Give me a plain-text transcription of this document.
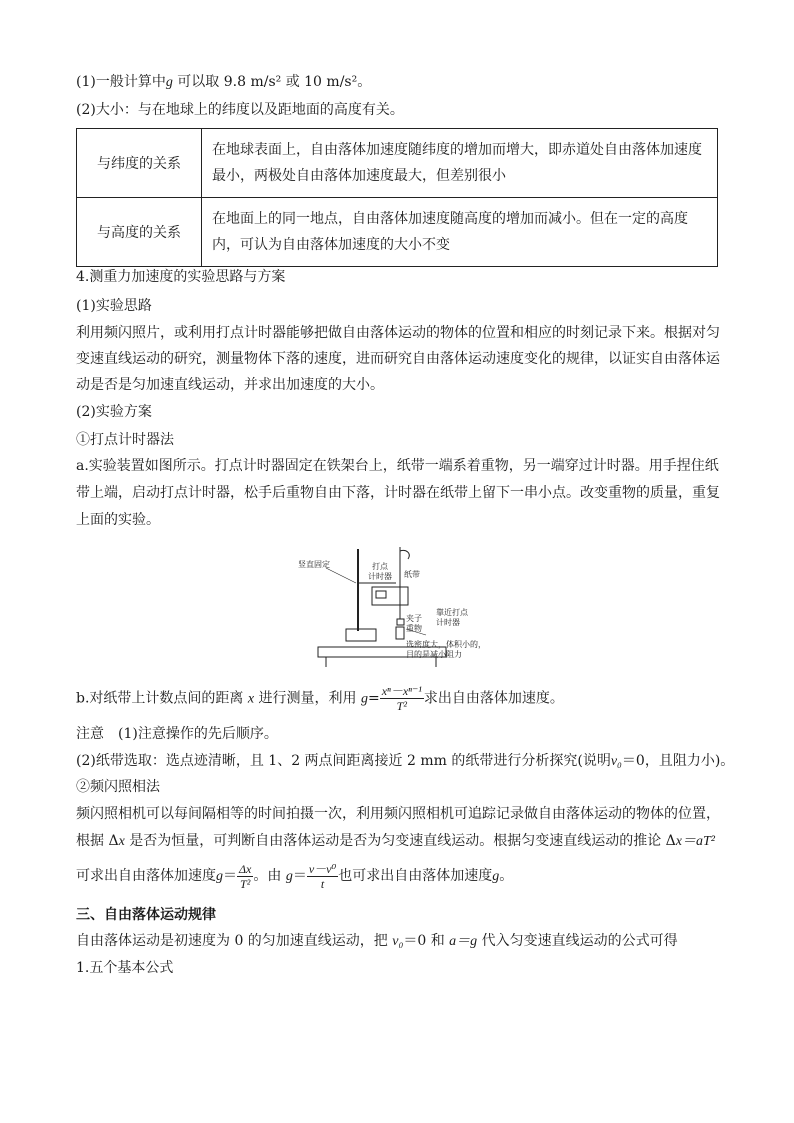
(1)一般计算中g 可以取 9.8 m/s² 或 10 m/s²。
(2)大小：与在地球上的纬度以及距地面的高度有关。
与纬度的关系	在地球表面上，自由落体加速度随纬度的增加而增大，即赤道处自由落体加速度
最小，两极处自由落体加速度最大，但差别很小

与高度的关系	在地面上的同一地点，自由落体加速度随高度的增加而减小。但在一定的高度
内，可认为自由落体加速度的大小不变
4.测重力加速度的实验思路与方案
(1)实验思路
利用频闪照片，或利用打点计时器能够把做自由落体运动的物体的位置和相应的时刻记录下来。根据对匀
变速直线运动的研究，测量物体下落的速度，进而研究自由落体运动速度变化的规律，以证实自由落体运
动是否是匀加速直线运动，并求出加速度的大小。
(2)实验方案
①打点计时器法
a.实验装置如图所示。打点计时器固定在铁架台上，纸带一端系着重物，另一端穿过计时器。用手捏住纸
带上端，启动打点计时器，松手后重物自由下落，计时器在纸带上留下一串小点。改变重物的质量，重复
上面的实验。
竖直固定	打点
计时器 纸带
夹子
重物
靠近打点
计时器
选密度大，体积小的，
目的是减小阻力
b.对纸带上计数点间的距离 x 进行测量，利用 $g= \frac{\text{xⁿ－xⁿ⁻¹}}{\text{T²}}$ 求出自由落体加速度。
注意　(1)注意操作的先后顺序。
(2)纸带选取：选点迹清晰，且 1、2 两点间距离接近 2 mm 的纸带进行分析探究(说明v₀＝0，且阻力小)。
②频闪照相法
频闪照相机可以每间隔相等的时间拍摄一次，利用频闪照相机可追踪记录做自由落体运动的物体的位置，
根据 Δx 是否为恒量，可判断自由落体运动是否为匀变速直线运动。根据匀变速直线运动的推论 Δx＝aT²
可求出自由落体加速度$g= \frac{\Delta x}{\text{T²}}$ 。由 $g= \frac{\text{v－v⁰}}{t}$ 也可求出自由落体加速度g。
三、自由落体运动规律
自由落体运动是初速度为 0 的匀加速直线运动，把 v₀＝0 和 a＝g 代入匀变速直线运动的公式可得
1.五个基本公式
